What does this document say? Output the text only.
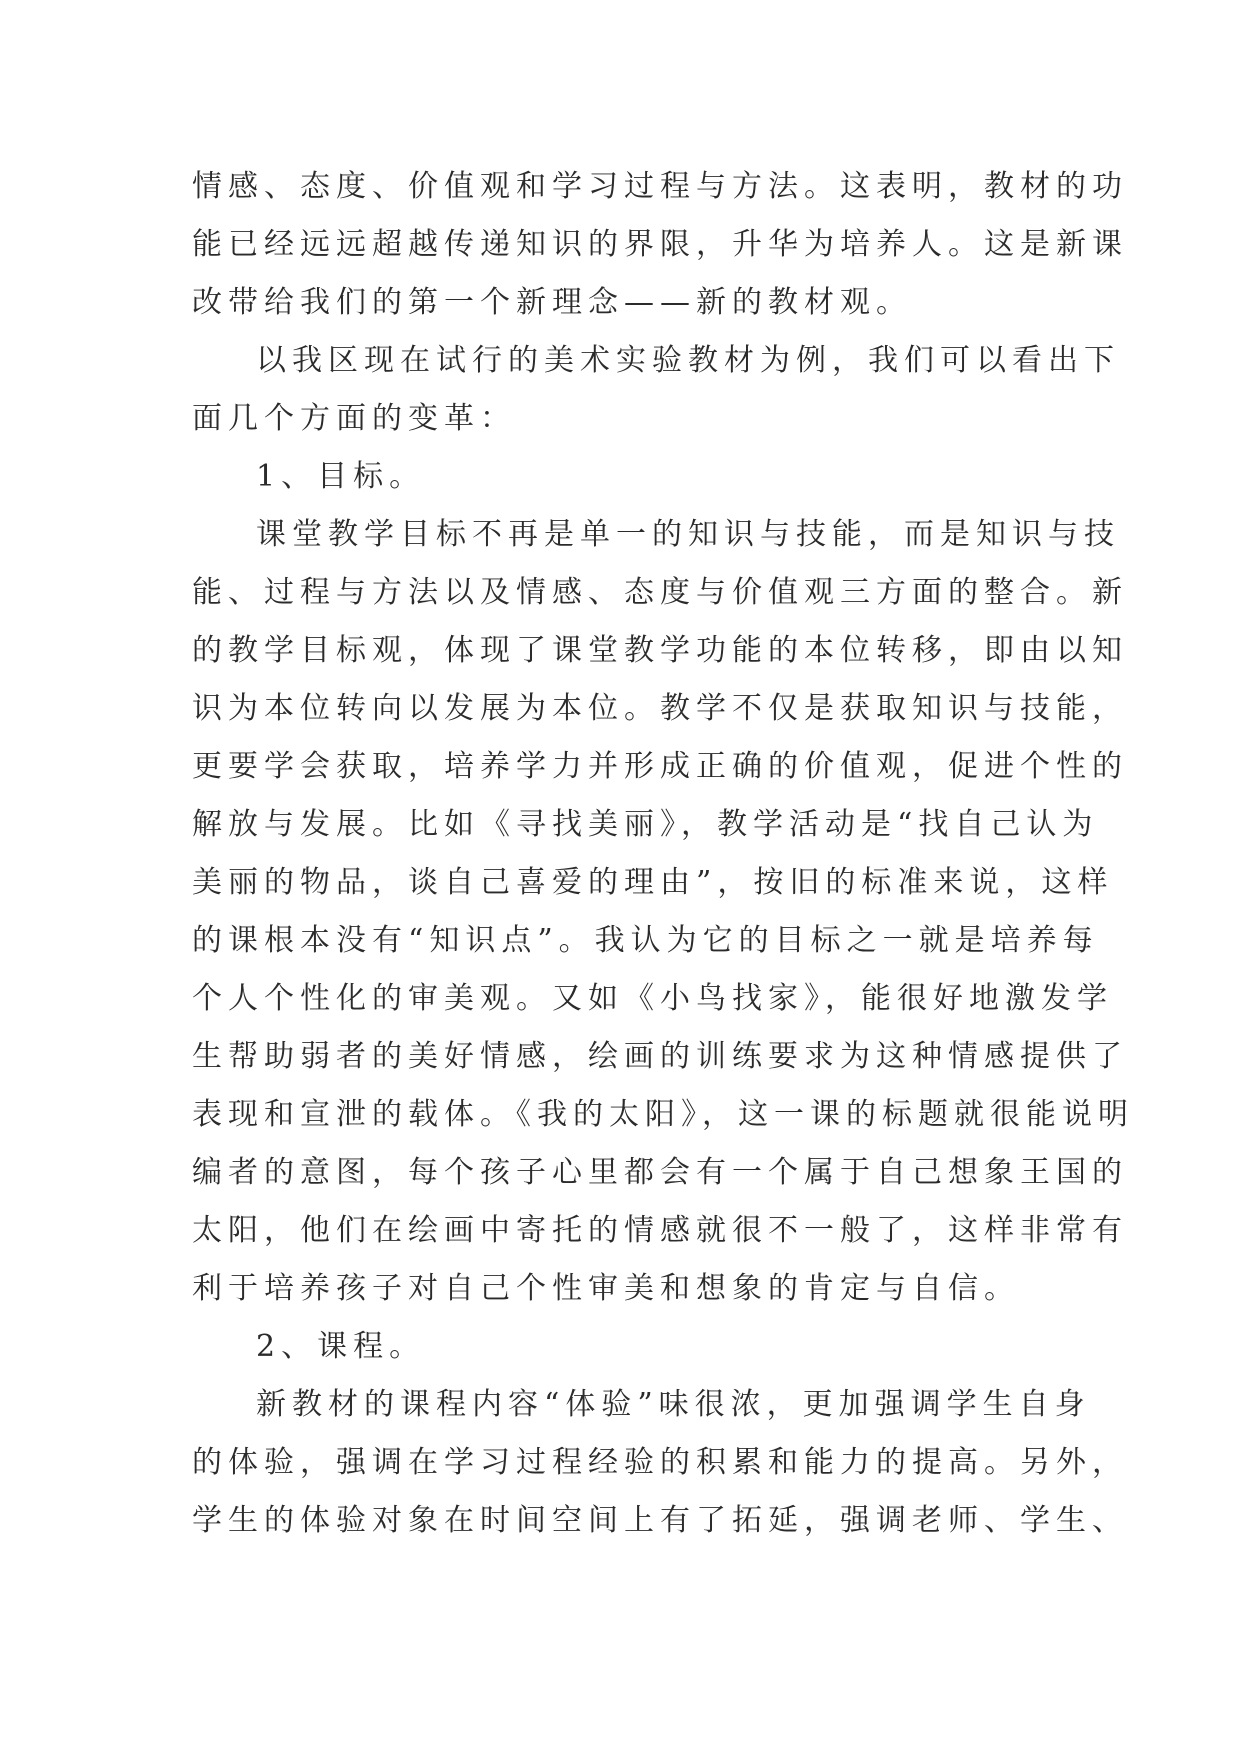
情感、态度、价值观和学习过程与方法。这表明，教材的功
能已经远远超越传递知识的界限，升华为培养人。这是新课
改带给我们的第一个新理念——新的教材观。
以我区现在试行的美术实验教材为例，我们可以看出下
面几个方面的变革：
1、目标。
课堂教学目标不再是单一的知识与技能，而是知识与技
能、过程与方法以及情感、态度与价值观三方面的整合。新
的教学目标观，体现了课堂教学功能的本位转移，即由以知
识为本位转向以发展为本位。教学不仅是获取知识与技能，
更要学会获取，培养学力并形成正确的价值观，促进个性的
解放与发展。比如《寻找美丽》，教学活动是“找自己认为
美丽的物品，谈自己喜爱的理由”，按旧的标准来说，这样
的课根本没有“知识点”。我认为它的目标之一就是培养每
个人个性化的审美观。又如《小鸟找家》，能很好地激发学
生帮助弱者的美好情感，绘画的训练要求为这种情感提供了
表现和宣泄的载体。《我的太阳》，这一课的标题就很能说明
编者的意图，每个孩子心里都会有一个属于自己想象王国的
太阳，他们在绘画中寄托的情感就很不一般了，这样非常有
利于培养孩子对自己个性审美和想象的肯定与自信。
2、课程。
新教材的课程内容“体验”味很浓，更加强调学生自身
的体验，强调在学习过程经验的积累和能力的提高。另外，
学生的体验对象在时间空间上有了拓延，强调老师、学生、
